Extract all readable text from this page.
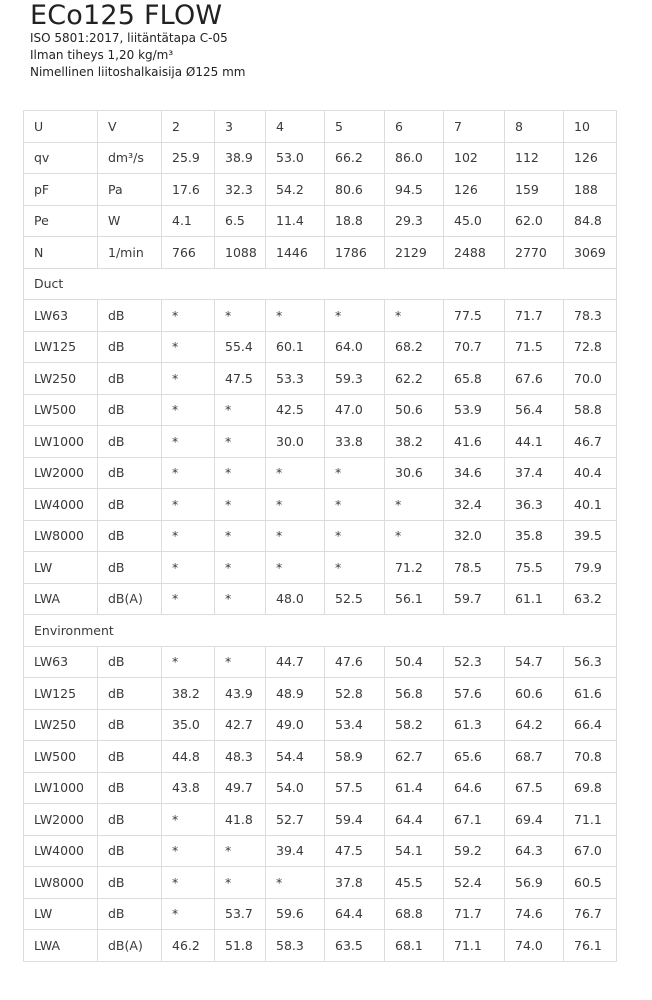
ECo125 FLOW

ISO 5801:2017, liitäntätapa C-05

Ilman tiheys 1,20 kg/m³

Nimellinen liitoshalkaisija Ø125 mm

U	V	2	3	4	5	6	7	8	10
qv	dm³/s	25.9	38.9	53.0	66.2	86.0	102	112	126
pF	Pa	17.6	32.3	54.2	80.6	94.5	126	159	188
Pe	W	4.1	6.5	11.4	18.8	29.3	45.0	62.0	84.8
N	1/min	766	1088	1446	1786	2129	2488	2770	3069
Duct									
LW63	dB	*	*	*	*	*	77.5	71.7	78.3
LW125	dB	*	55.4	60.1	64.0	68.2	70.7	71.5	72.8
LW250	dB	*	47.5	53.3	59.3	62.2	65.8	67.6	70.0
LW500	dB	*	*	42.5	47.0	50.6	53.9	56.4	58.8
LW1000	dB	*	*	30.0	33.8	38.2	41.6	44.1	46.7
LW2000	dB	*	*	*	*	30.6	34.6	37.4	40.4
LW4000	dB	*	*	*	*	*	32.4	36.3	40.1
LW8000	dB	*	*	*	*	*	32.0	35.8	39.5
LW	dB	*	*	*	*	71.2	78.5	75.5	79.9
LWA	dB(A)	*	*	48.0	52.5	56.1	59.7	61.1	63.2
Environment									
LW63	dB	*	*	44.7	47.6	50.4	52.3	54.7	56.3
LW125	dB	38.2	43.9	48.9	52.8	56.8	57.6	60.6	61.6
LW250	dB	35.0	42.7	49.0	53.4	58.2	61.3	64.2	66.4
LW500	dB	44.8	48.3	54.4	58.9	62.7	65.6	68.7	70.8
LW1000	dB	43.8	49.7	54.0	57.5	61.4	64.6	67.5	69.8
LW2000	dB	*	41.8	52.7	59.4	64.4	67.1	69.4	71.1
LW4000	dB	*	*	39.4	47.5	54.1	59.2	64.3	67.0
LW8000	dB	*	*	*	37.8	45.5	52.4	56.9	60.5
LW	dB	*	53.7	59.6	64.4	68.8	71.7	74.6	76.7
LWA	dB(A)	46.2	51.8	58.3	63.5	68.1	71.1	74.0	76.1
